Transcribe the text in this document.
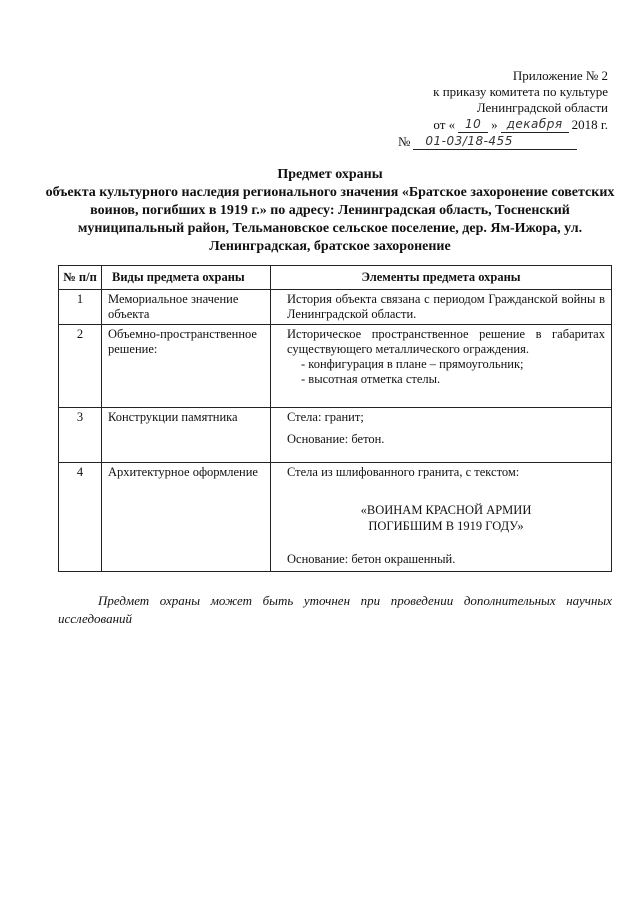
Приложение № 2
к приказу комитета по культуре
Ленинградской области
от « 10 » декабря 2018 г.
№	01-03/18-455
Предмет охраны
объекта культурного наследия регионального значения «Братское захоронение советских воинов, погибших в 1919 г.» по адресу: Ленинградская область, Тосненский муниципальный район, Тельмановское сельское поселение, дер. Ям-Ижора, ул. Ленинградская, братское захоронение
№ п/п	Виды предмета охраны	Элементы предмета охраны
1	Мемориальное значение объекта	История объекта связана с периодом Гражданской войны в Ленинградской области.

2	Объемно-пространственное решение:	Историческое пространственное решение в габаритах существующего металлического ограждения.

- конфигурация в плане – прямоугольник;
- высотная отметка стелы.

3	Конструкции памятника	Стела: гранит;

Основание: бетон.

4	Архитектурное оформление	Стела из шлифованного гранита, с текстом:

«ВОИНАМ КРАСНОЙ АРМИИ
ПОГИБШИМ В 1919 ГОДУ»

Основание: бетон окрашенный.

Предмет охраны может быть уточнен при проведении дополнительных научных исследований
